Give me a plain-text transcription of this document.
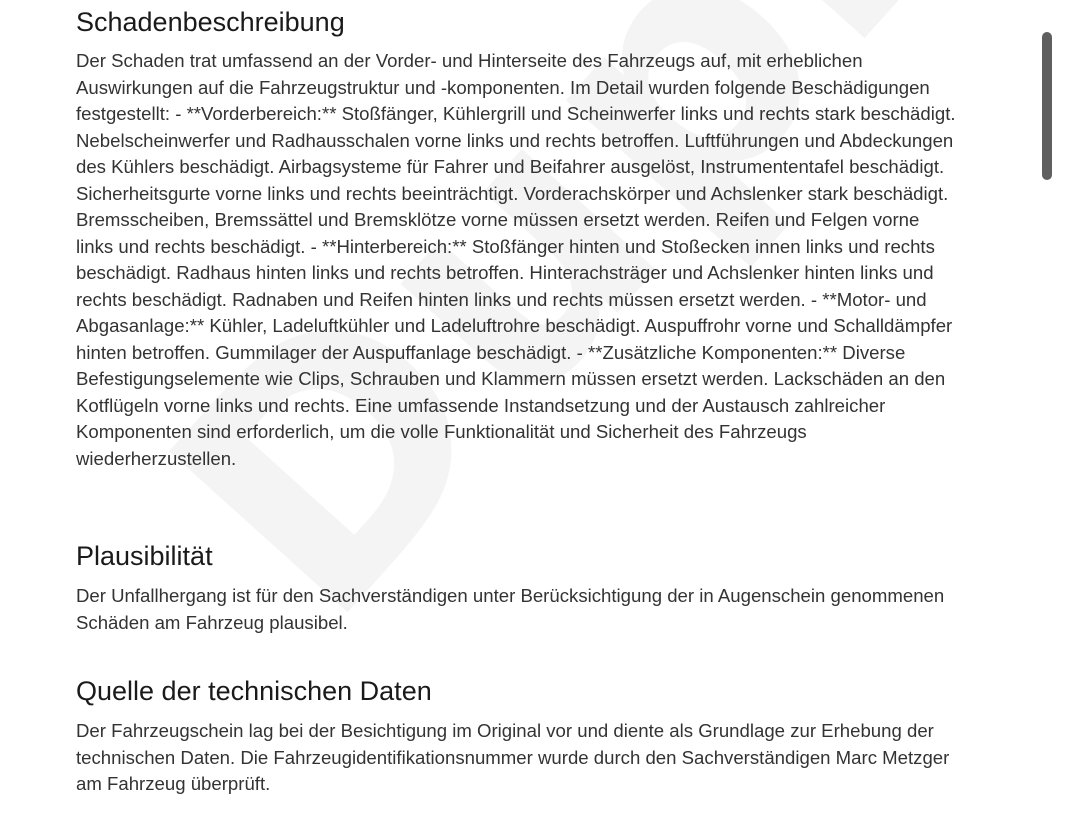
Schadenbeschreibung

Der Schaden trat umfassend an der Vorder- und Hinterseite des Fahrzeugs auf, mit erheblichen Auswirkungen auf die Fahrzeugstruktur und -komponenten. Im Detail wurden folgende Beschädigungen festgestellt: - **Vorderbereich:** Stoßfänger, Kühlergrill und Scheinwerfer links und rechts stark beschädigt. Nebelscheinwerfer und Radhausschalen vorne links und rechts betroffen. Luftführungen und Abdeckungen des Kühlers beschädigt. Airbagsysteme für Fahrer und Beifahrer ausgelöst, Instrumententafel beschädigt. Sicherheitsgurte vorne links und rechts beeinträchtigt. Vorderachskörper und Achslenker stark beschädigt. Bremsscheiben, Bremssättel und Bremsklötze vorne müssen ersetzt werden. Reifen und Felgen vorne links und rechts beschädigt. - **Hinterbereich:** Stoßfänger hinten und Stoßecken innen links und rechts beschädigt. Radhaus hinten links und rechts betroffen. Hinterachsträger und Achslenker hinten links und rechts beschädigt. Radnaben und Reifen hinten links und rechts müssen ersetzt werden. - **Motor- und Abgasanlage:** Kühler, Ladeluftkühler und Ladeluftrohre beschädigt. Auspuffrohr vorne und Schalldämpfer hinten betroffen. Gummilager der Auspuffanlage beschädigt. - **Zusätzliche Komponenten:** Diverse Befestigungselemente wie Clips, Schrauben und Klammern müssen ersetzt werden. Lackschäden an den Kotflügeln vorne links und rechts. Eine umfassende Instandsetzung und der Austausch zahlreicher Komponenten sind erforderlich, um die volle Funktionalität und Sicherheit des Fahrzeugs wiederherzustellen.

Plausibilität

Der Unfallhergang ist für den Sachverständigen unter Berücksichtigung der in Augenschein genommenen Schäden am Fahrzeug plausibel.

Quelle der technischen Daten

Der Fahrzeugschein lag bei der Besichtigung im Original vor und diente als Grundlage zur Erhebung der technischen Daten. Die Fahrzeugidentifikationsnummer wurde durch den Sachverständigen Marc Metzger am Fahrzeug überprüft.
